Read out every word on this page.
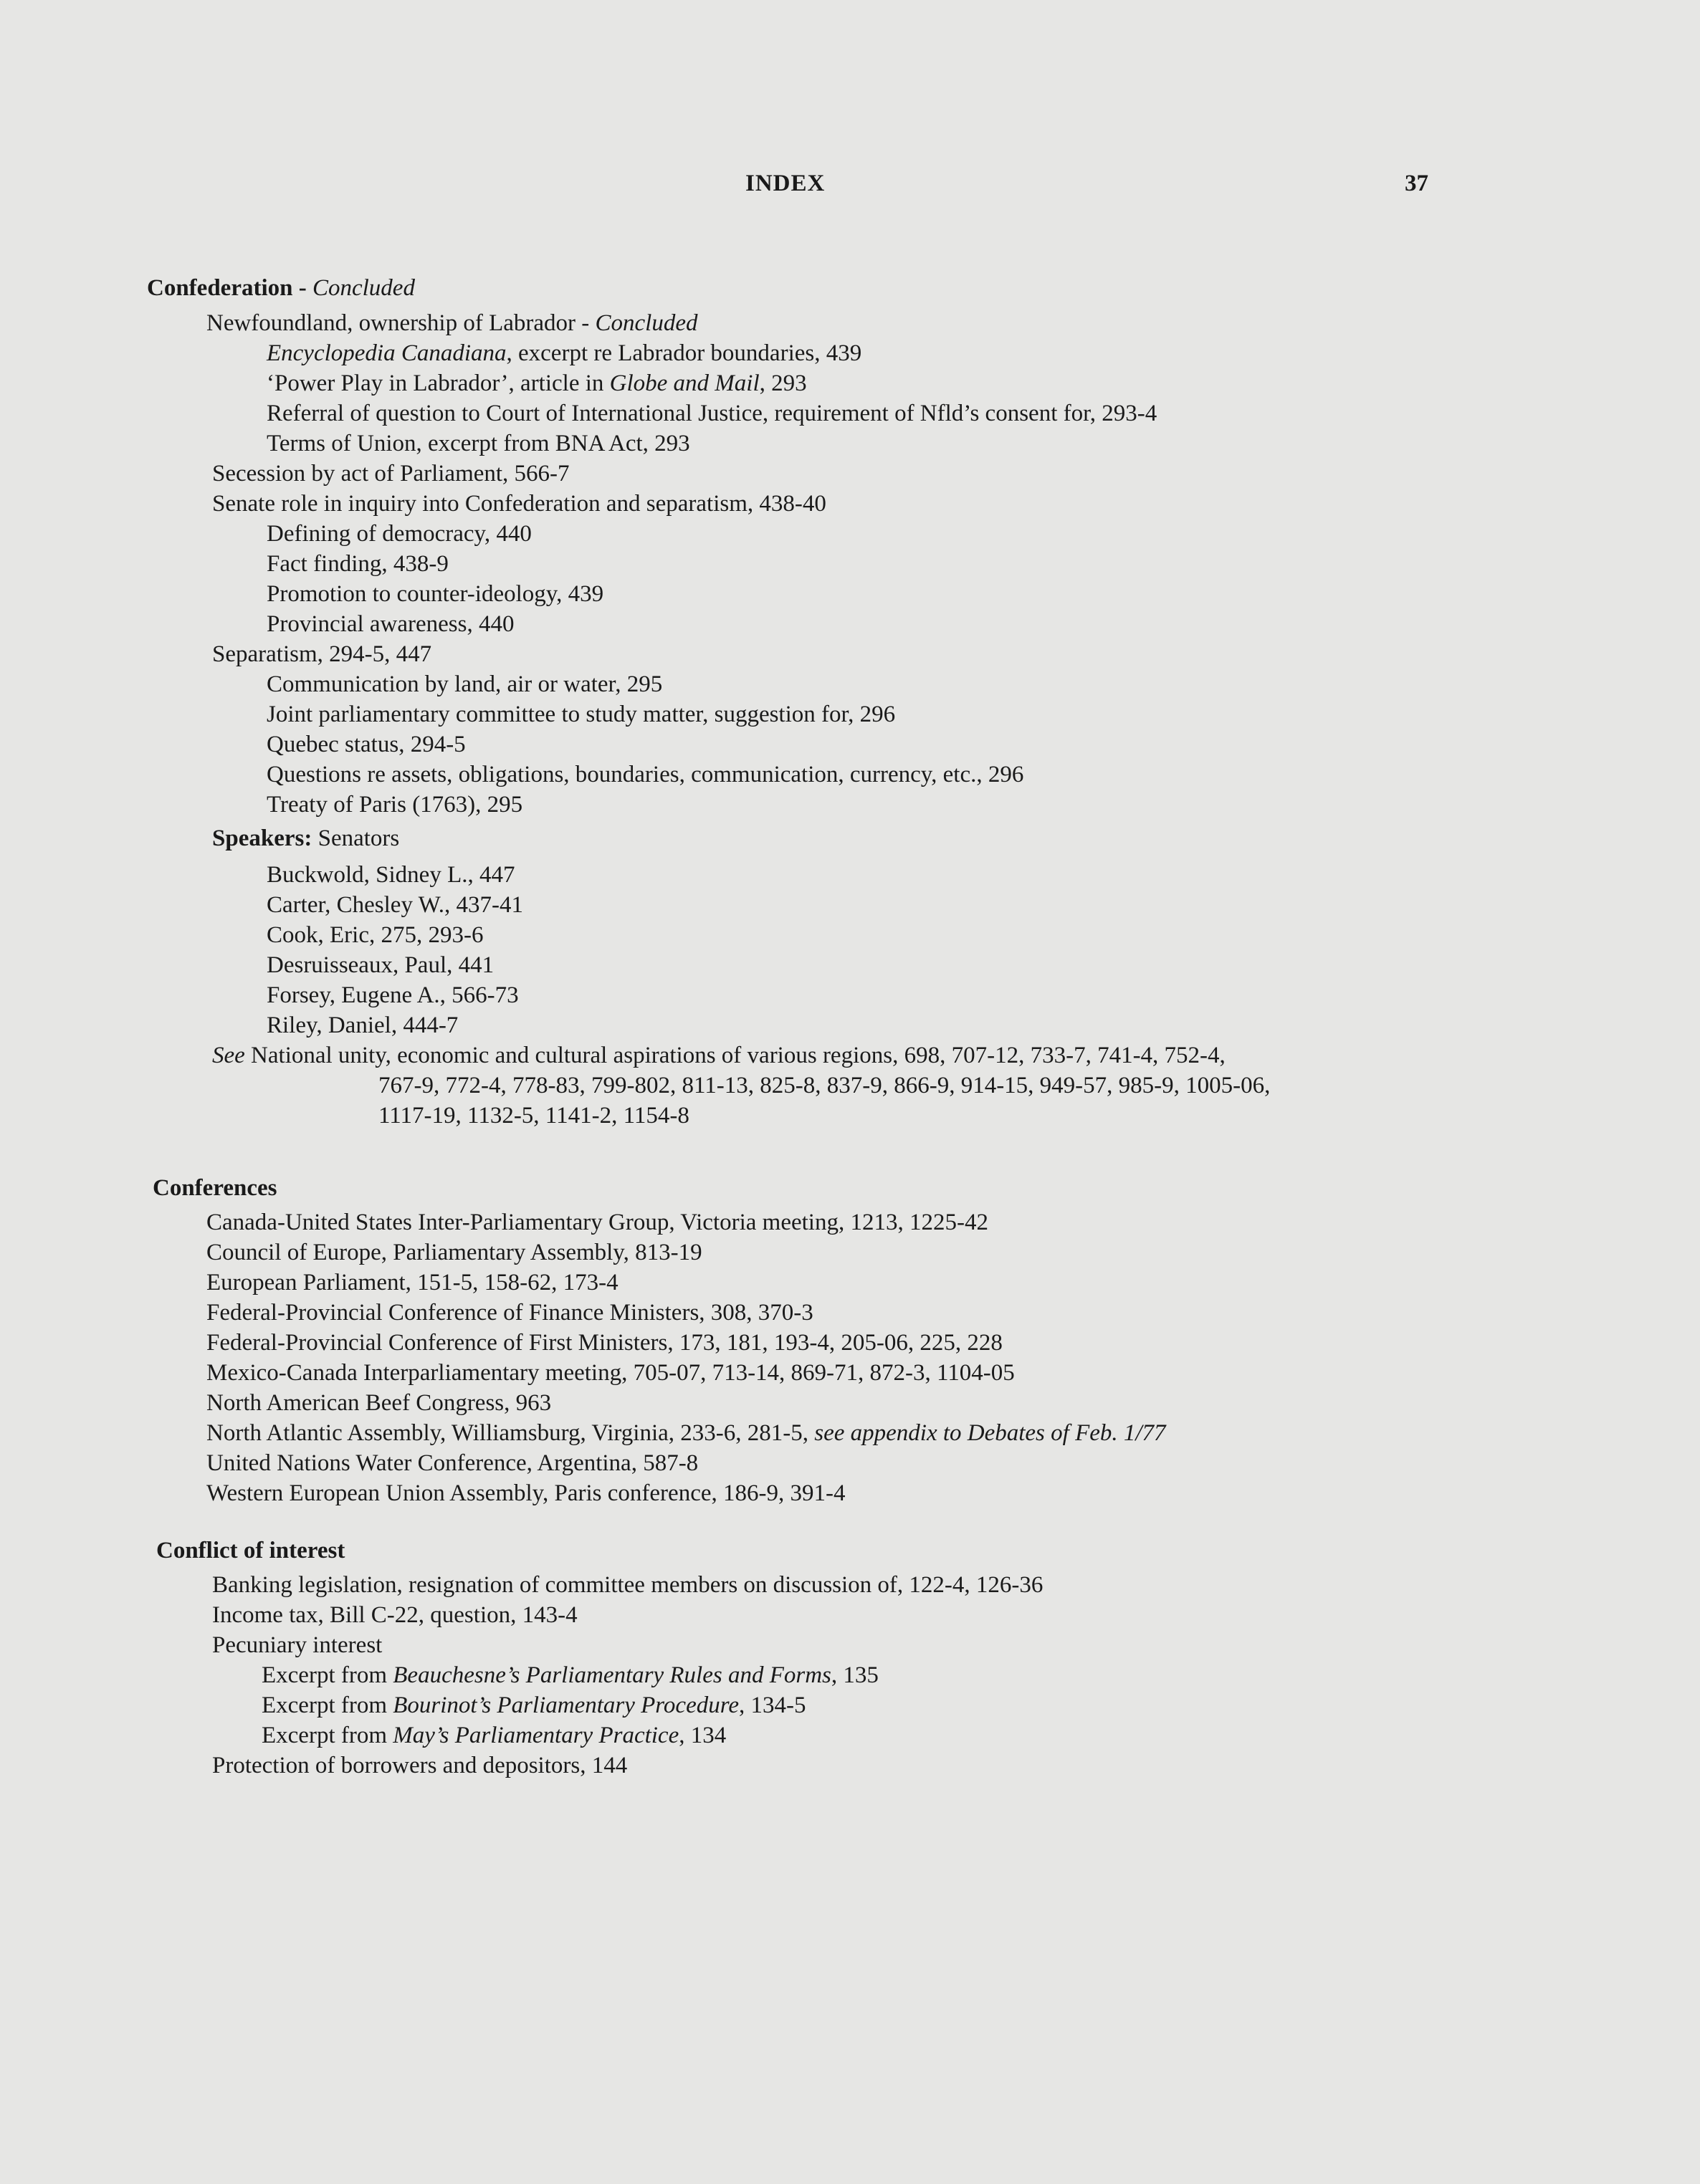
INDEX	37
Confederation - Concluded
Newfoundland, ownership of Labrador - Concluded
Encyclopedia Canadiana, excerpt re Labrador boundaries, 439
‘Power Play in Labrador’, article in Globe and Mail, 293
Referral of question to Court of International Justice, requirement of Nfld’s consent for, 293-4
Terms of Union, excerpt from BNA Act, 293
Secession by act of Parliament, 566-7
Senate role in inquiry into Confederation and separatism, 438-40
Defining of democracy, 440
Fact finding, 438-9
Promotion to counter-ideology, 439
Provincial awareness, 440
Separatism, 294-5, 447
Communication by land, air or water, 295
Joint parliamentary committee to study matter, suggestion for, 296
Quebec status, 294-5
Questions re assets, obligations, boundaries, communication, currency, etc., 296
Treaty of Paris (1763), 295
Speakers: Senators
Buckwold, Sidney L., 447
Carter, Chesley W., 437-41
Cook, Eric, 275, 293-6
Desruisseaux, Paul, 441
Forsey, Eugene A., 566-73
Riley, Daniel, 444-7
See National unity, economic and cultural aspirations of various regions, 698, 707-12, 733-7, 741-4, 752-4,
767-9, 772-4, 778-83, 799-802, 811-13, 825-8, 837-9, 866-9, 914-15, 949-57, 985-9, 1005-06,
1117-19, 1132-5, 1141-2, 1154-8
Conferences
Canada-United States Inter-Parliamentary Group, Victoria meeting, 1213, 1225-42
Council of Europe, Parliamentary Assembly, 813-19
European Parliament, 151-5, 158-62, 173-4
Federal-Provincial Conference of Finance Ministers, 308, 370-3
Federal-Provincial Conference of First Ministers, 173, 181, 193-4, 205-06, 225, 228
Mexico-Canada Interparliamentary meeting, 705-07, 713-14, 869-71, 872-3, 1104-05
North American Beef Congress, 963
North Atlantic Assembly, Williamsburg, Virginia, 233-6, 281-5, see appendix to Debates of Feb. 1/77
United Nations Water Conference, Argentina, 587-8
Western European Union Assembly, Paris conference, 186-9, 391-4
Conflict of interest
Banking legislation, resignation of committee members on discussion of, 122-4, 126-36
Income tax, Bill C-22, question, 143-4
Pecuniary interest
Excerpt from Beauchesne’s Parliamentary Rules and Forms, 135
Excerpt from Bourinot’s Parliamentary Procedure, 134-5
Excerpt from May’s Parliamentary Practice, 134
Protection of borrowers and depositors, 144
